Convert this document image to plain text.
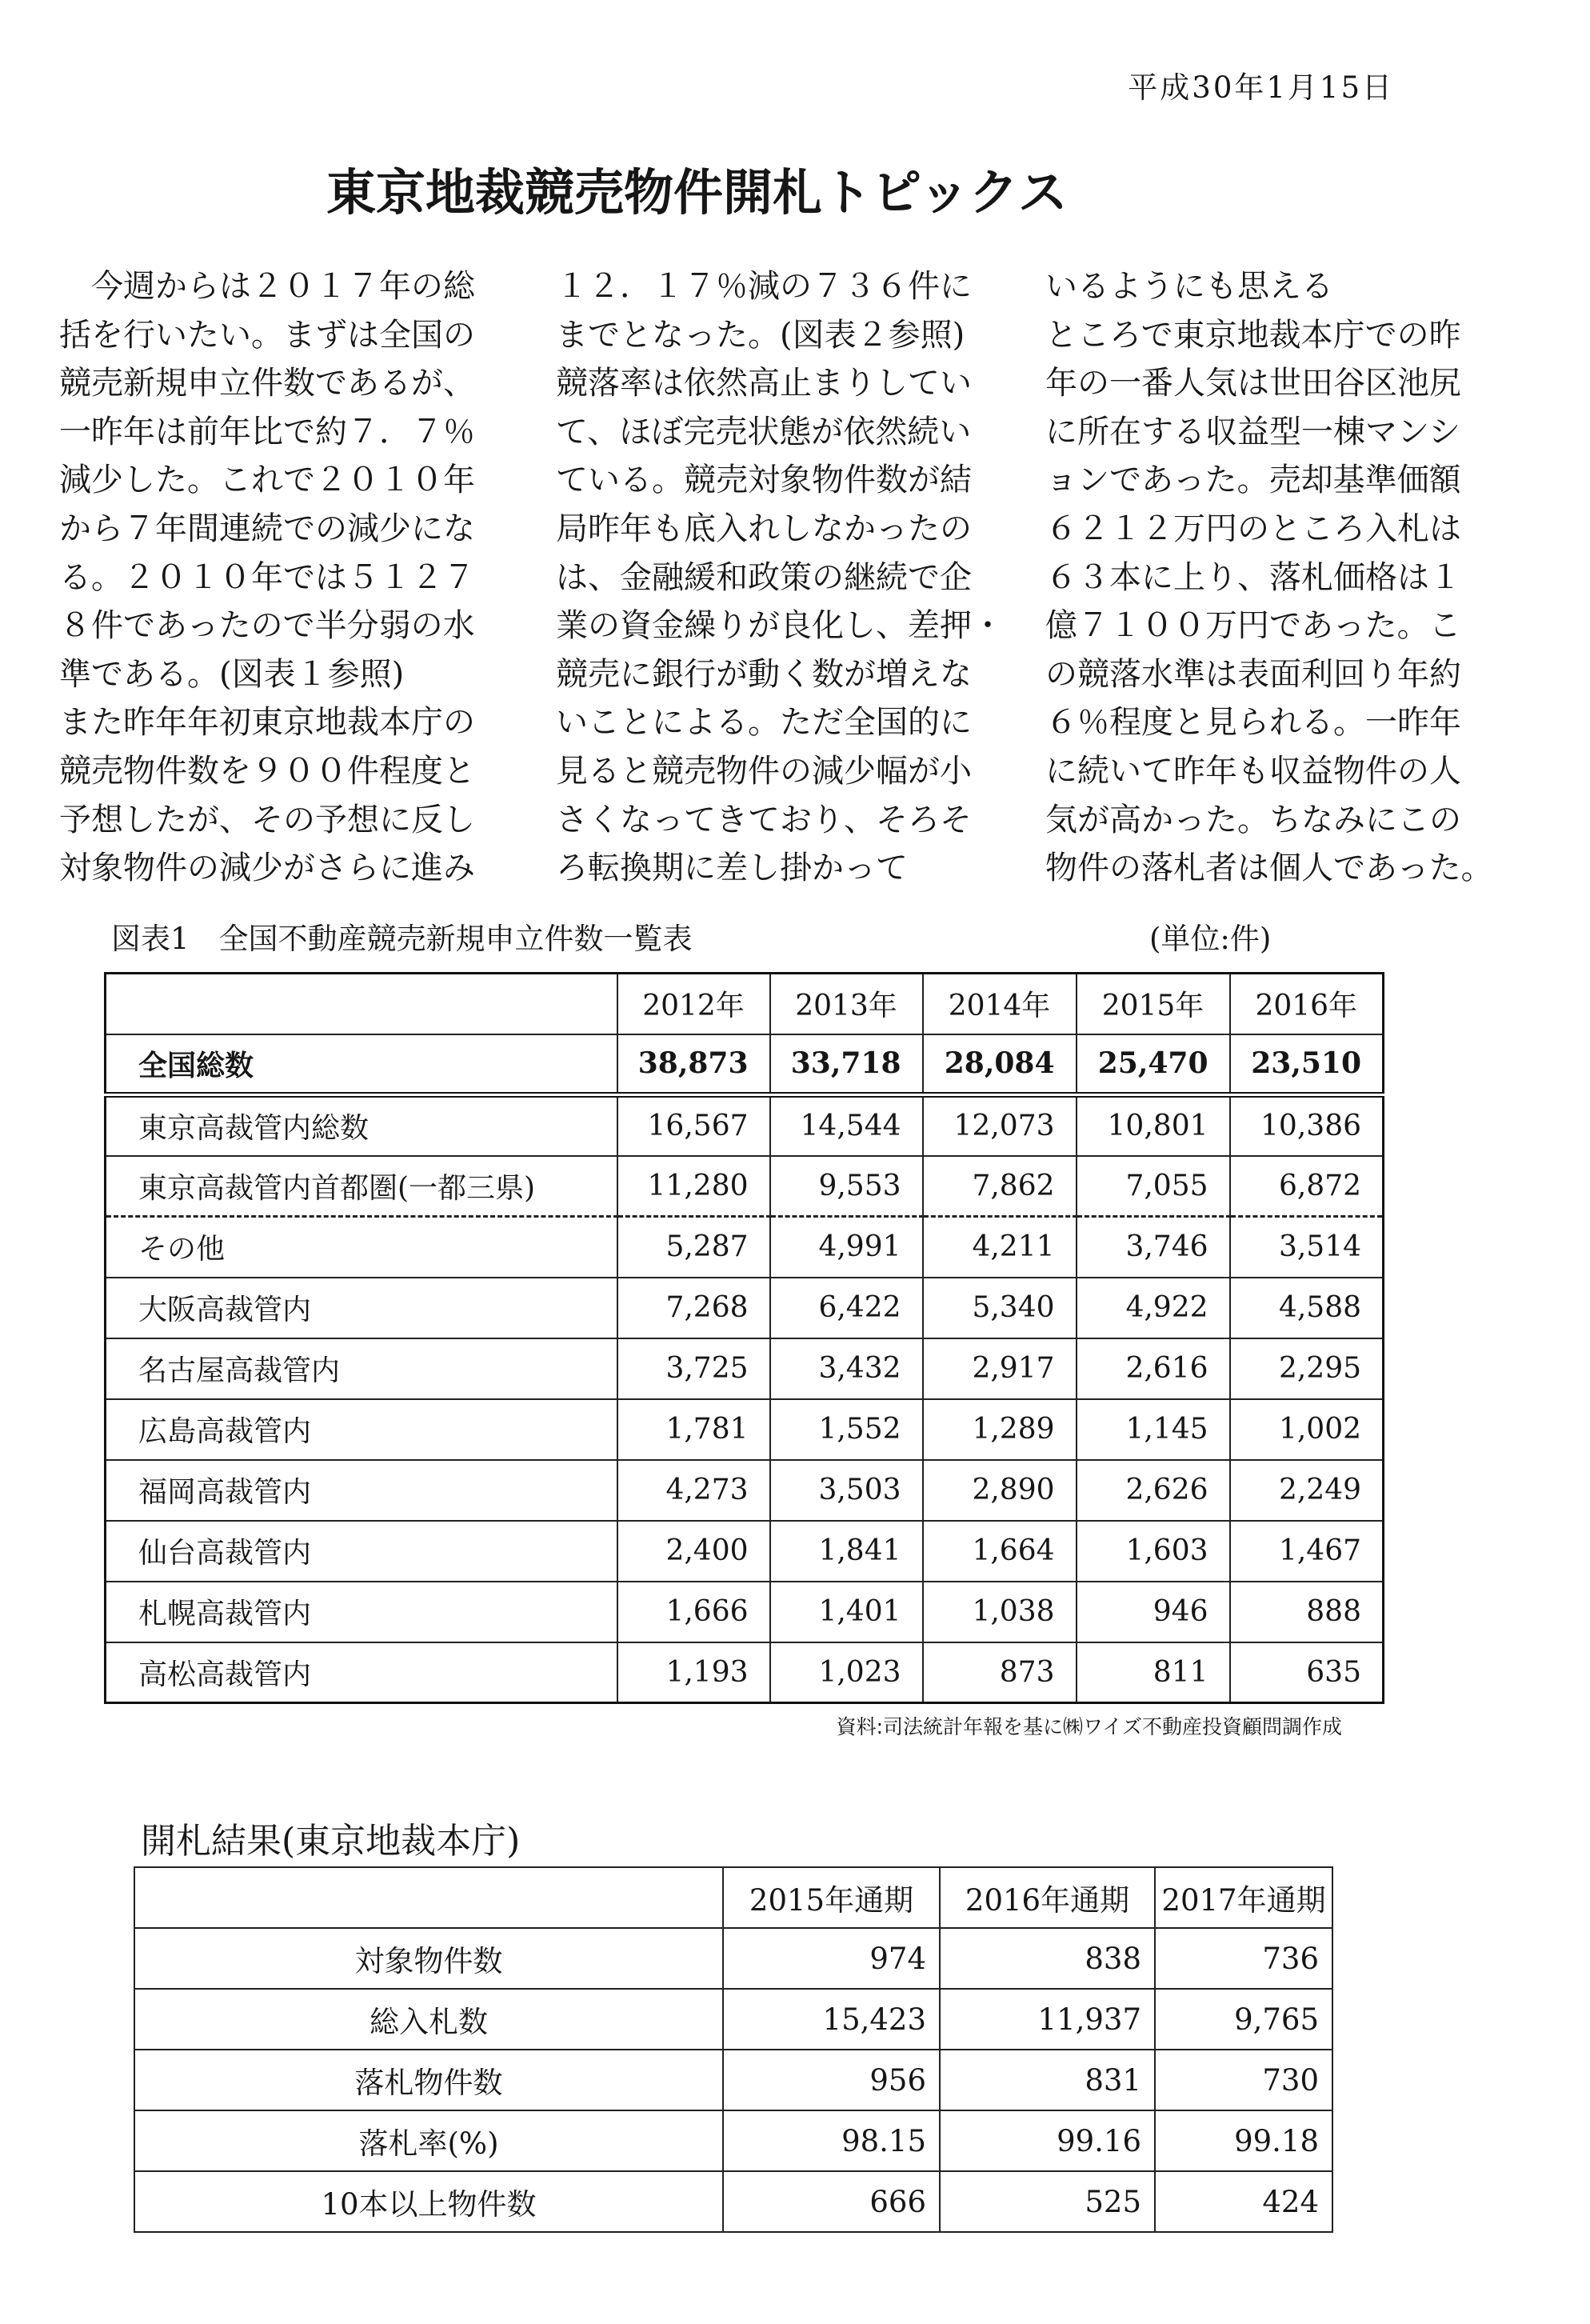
平成30年1月15日
東京地裁競売物件開札トピックス
今週からは２０１７年の総
括を行いたい。まずは全国の
競売新規申立件数であるが、
一昨年は前年比で約７．７％
減少した。これで２０１０年
から７年間連続での減少にな
る。２０１０年では５１２７
８件であったので半分弱の水
準である。(図表１参照)
また昨年年初東京地裁本庁の
競売物件数を９００件程度と
予想したが、その予想に反し
対象物件の減少がさらに進み
１２．１７％減の７３６件に
までとなった。(図表２参照)
競落率は依然高止まりしてい
て、ほぼ完売状態が依然続い
ている。競売対象物件数が結
局昨年も底入れしなかったの
は、金融緩和政策の継続で企
業の資金繰りが良化し、差押・
競売に銀行が動く数が増えな
いことによる。ただ全国的に
見ると競売物件の減少幅が小
さくなってきており、そろそ
ろ転換期に差し掛かって
いるようにも思える
ところで東京地裁本庁での昨
年の一番人気は世田谷区池尻
に所在する収益型一棟マンシ
ョンであった。売却基準価額
６２１２万円のところ入札は
６３本に上り、落札価格は１
億７１００万円であった。こ
の競落水準は表面利回り年約
６％程度と見られる。一昨年
に続いて昨年も収益物件の人
気が高かった。ちなみにこの
物件の落札者は個人であった。
図表1　全国不動産競売新規申立件数一覧表	(単位:件)
	2012年	2013年	2014年	2015年	2016年
全国総数	38,873	33,718	28,084	25,470	23,510
東京高裁管内総数	16,567	14,544	12,073	10,801	10,386
東京高裁管内首都圏(一都三県)	11,280	9,553	7,862	7,055	6,872
その他	5,287	4,991	4,211	3,746	3,514
大阪高裁管内	7,268	6,422	5,340	4,922	4,588
名古屋高裁管内	3,725	3,432	2,917	2,616	2,295
広島高裁管内	1,781	1,552	1,289	1,145	1,002
福岡高裁管内	4,273	3,503	2,890	2,626	2,249
仙台高裁管内	2,400	1,841	1,664	1,603	1,467
札幌高裁管内	1,666	1,401	1,038	946	888
高松高裁管内	1,193	1,023	873	811	635
資料:司法統計年報を基に㈱ワイズ不動産投資顧問調作成
開札結果(東京地裁本庁)
	2015年通期	2016年通期	2017年通期
対象物件数	974	838	736
総入札数	15,423	11,937	9,765
落札物件数	956	831	730
落札率(%)	98.15	99.16	99.18
10本以上物件数	666	525	424
